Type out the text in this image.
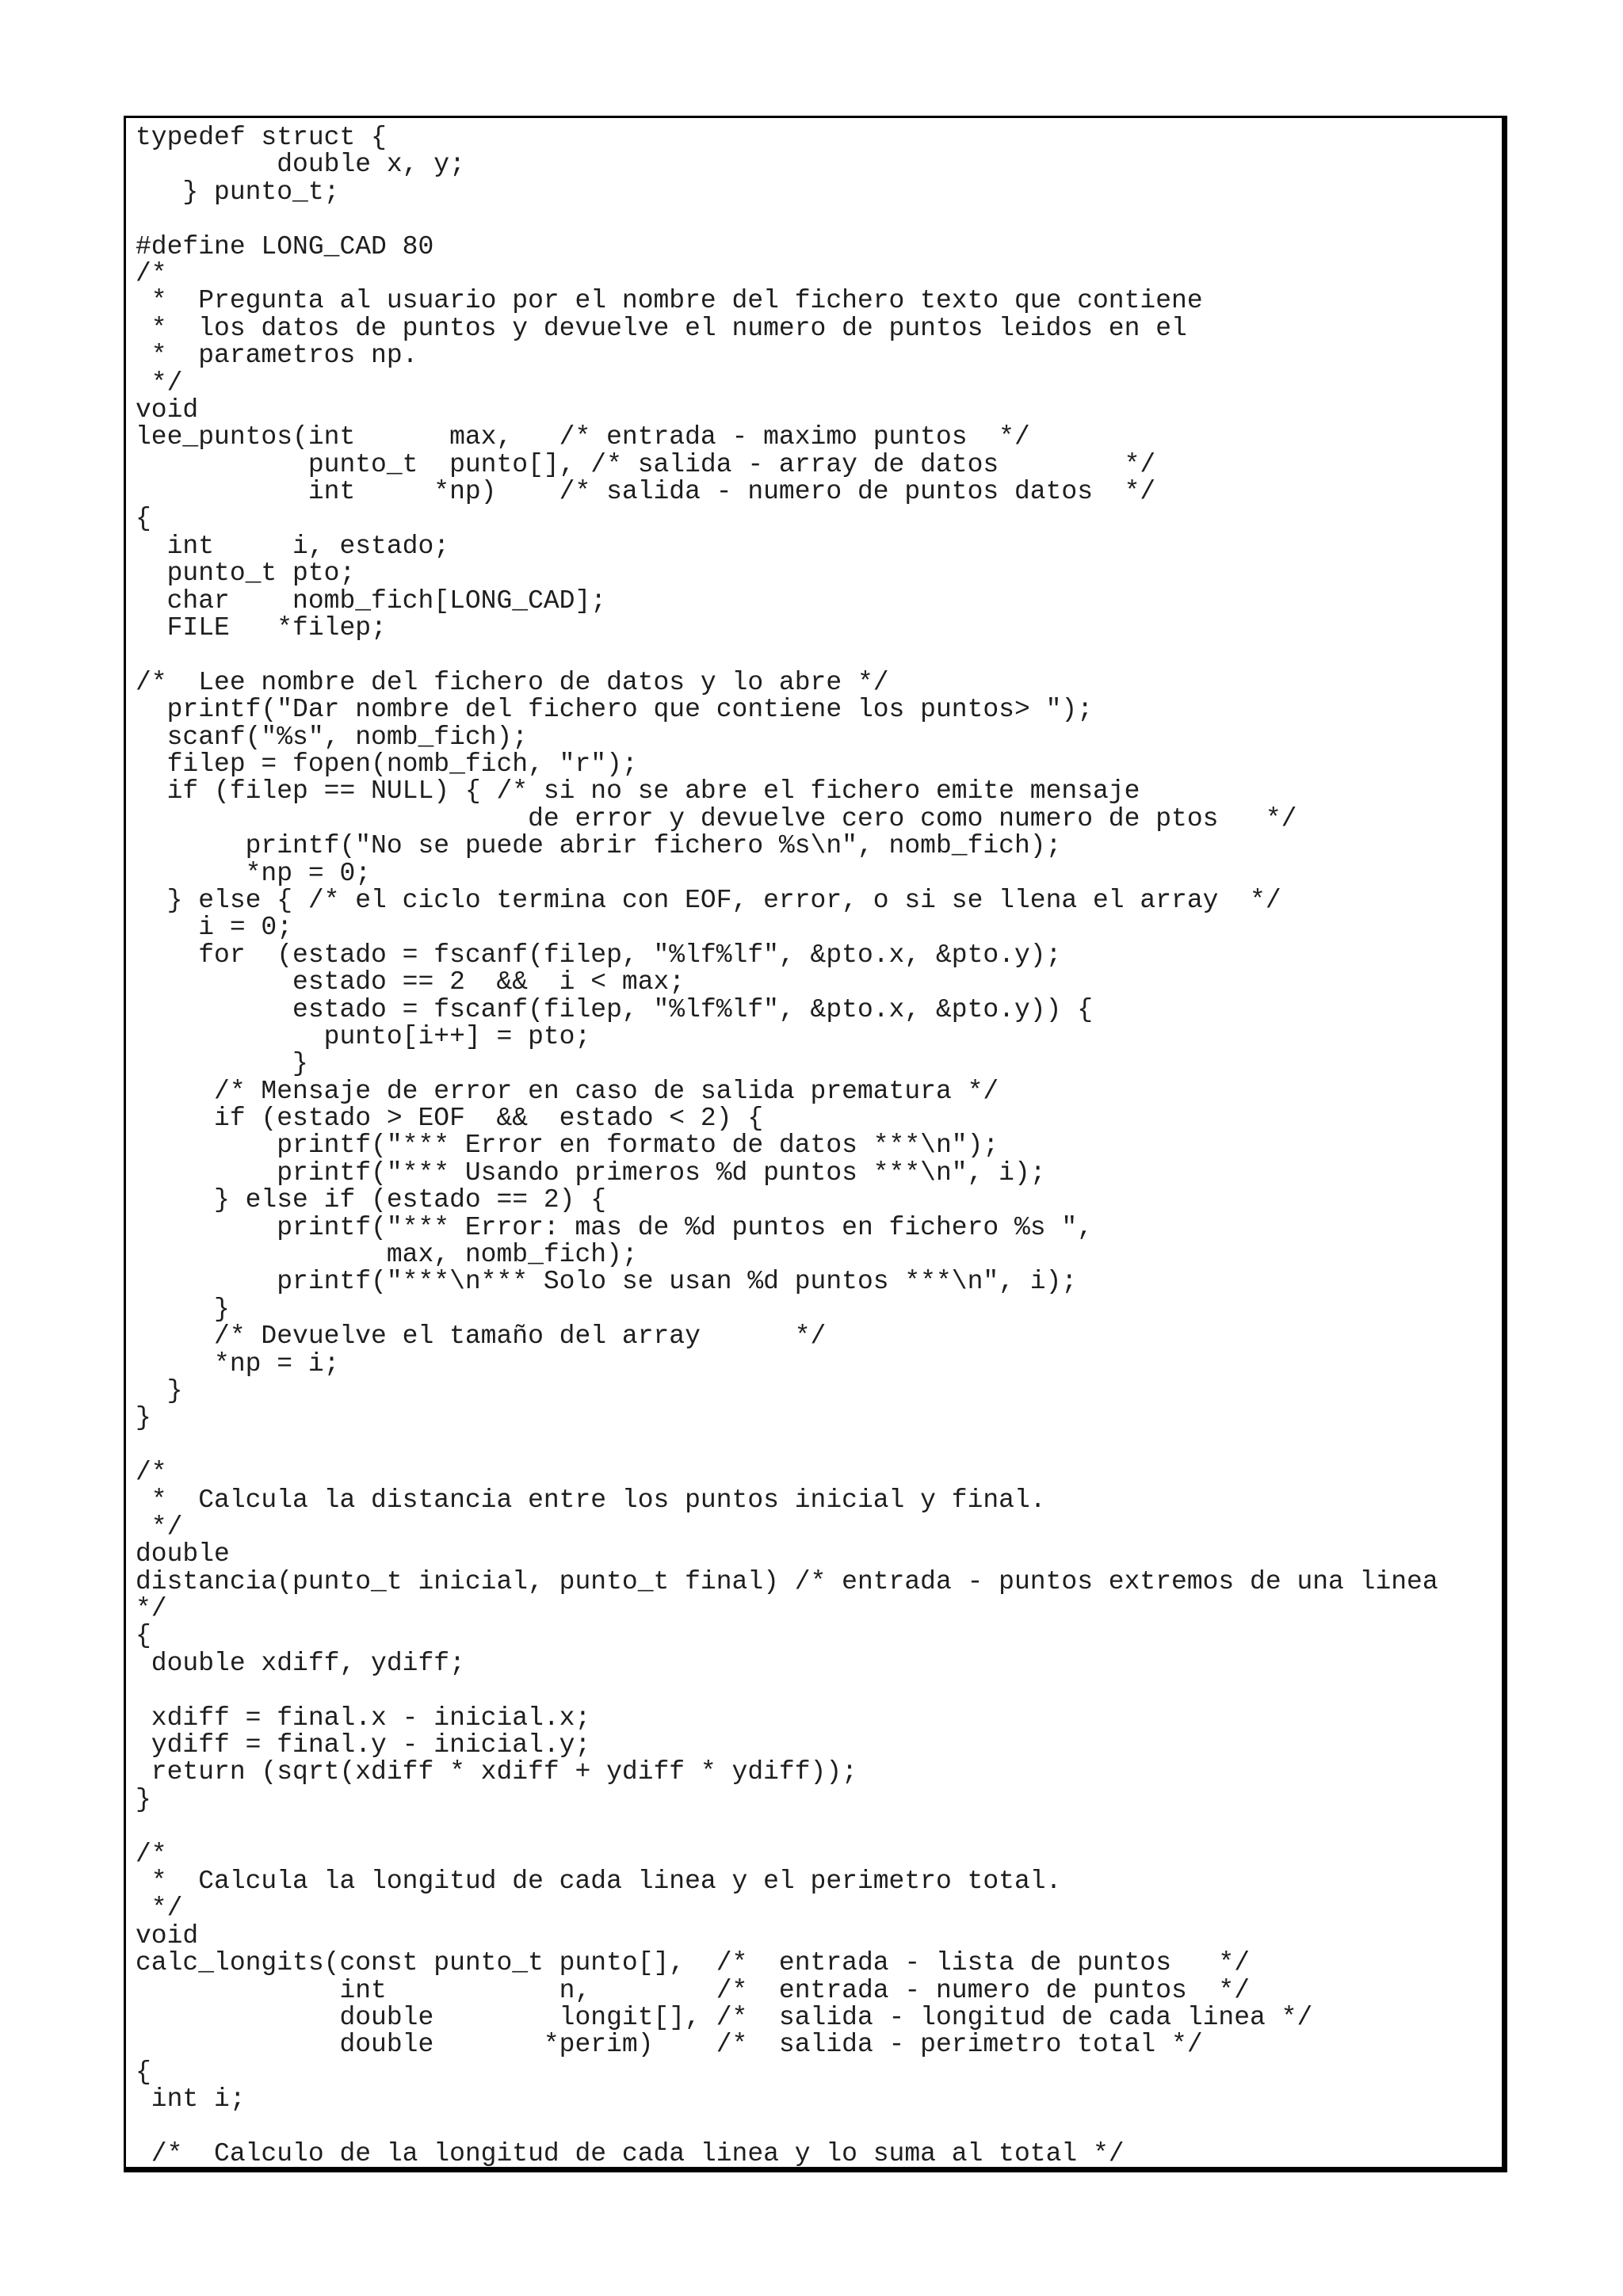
typedef struct {
double x, y;
} punto_t;

#define LONG_CAD 80
/*
*  Pregunta al usuario por el nombre del fichero texto que contiene
*  los datos de puntos y devuelve el numero de puntos leidos en el
*  parametros np.
*/
void
lee_puntos(int      max,   /* entrada - maximo puntos  */
punto_t  punto[], /* salida - array de datos        */
int     *np)    /* salida - numero de puntos datos  */
{
int     i, estado;
punto_t pto;
char    nomb_fich[LONG_CAD];
FILE   *filep;

/*  Lee nombre del fichero de datos y lo abre */
printf("Dar nombre del fichero que contiene los puntos> ");
scanf("%s", nomb_fich);
filep = fopen(nomb_fich, "r");
if (filep == NULL) { /* si no se abre el fichero emite mensaje
de error y devuelve cero como numero de ptos   */
printf("No se puede abrir fichero %s\n", nomb_fich);
*np = 0;
} else { /* el ciclo termina con EOF, error, o si se llena el array  */
i = 0;
for  (estado = fscanf(filep, "%lf%lf", &pto.x, &pto.y);
estado == 2  &&  i < max;
estado = fscanf(filep, "%lf%lf", &pto.x, &pto.y)) {
punto[i++] = pto;
}
/* Mensaje de error en caso de salida prematura */
if (estado > EOF  &&  estado < 2) {
printf("*** Error en formato de datos ***\n");
printf("*** Usando primeros %d puntos ***\n", i);
} else if (estado == 2) {
printf("*** Error: mas de %d puntos en fichero %s ",
max, nomb_fich);
printf("***\n*** Solo se usan %d puntos ***\n", i);
}
/* Devuelve el tamaño del array      */
*np = i;
}
}

/*
*  Calcula la distancia entre los puntos inicial y final.
*/
double
distancia(punto_t inicial, punto_t final) /* entrada - puntos extremos de una linea
*/
{
double xdiff, ydiff;

xdiff = final.x - inicial.x;
ydiff = final.y - inicial.y;
return (sqrt(xdiff * xdiff + ydiff * ydiff));
}

/*
*  Calcula la longitud de cada linea y el perimetro total.
*/
void
calc_longits(const punto_t punto[],  /*  entrada - lista de puntos   */
int           n,        /*  entrada - numero de puntos  */
double        longit[], /*  salida - longitud de cada linea */
double       *perim)    /*  salida - perimetro total */
{
int i;

/*  Calculo de la longitud de cada linea y lo suma al total */
